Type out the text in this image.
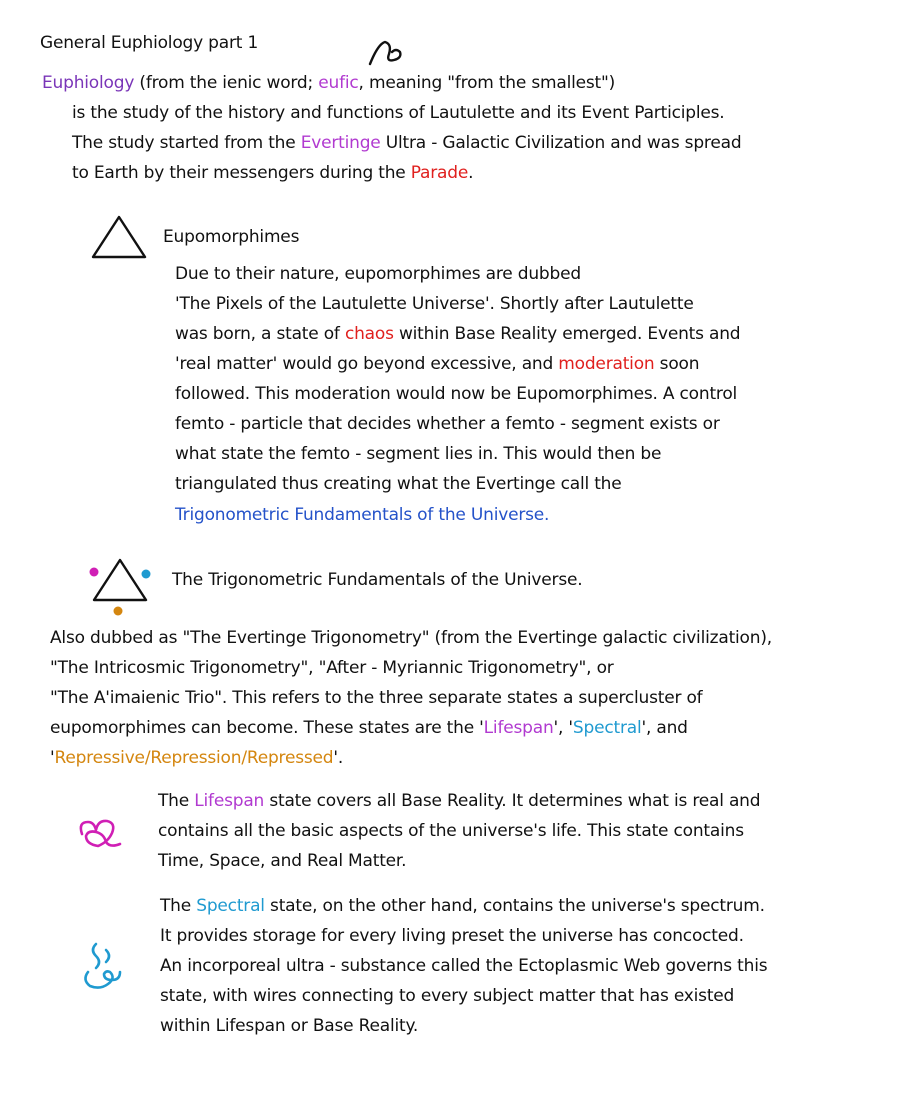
General Euphiology part 1
Euphiology (from the ienic word; eufic, meaning "from the smallest")
is the study of the history and functions of Lautulette and its Event Participles.
The study started from the Evertinge Ultra - Galactic Civilization and was spread
to Earth by their messengers during the Parade.
Eupomorphimes
Due to their nature, eupomorphimes are dubbed
'The Pixels of the Lautulette Universe'. Shortly after Lautulette
was born, a state of chaos within Base Reality emerged. Events and
'real matter' would go beyond excessive, and moderation soon
followed. This moderation would now be Eupomorphimes. A control
femto - particle that decides whether a femto - segment exists or
what state the femto - segment lies in. This would then be
triangulated thus creating what the Evertinge call the
Trigonometric Fundamentals of the Universe.
The Trigonometric Fundamentals of the Universe.
Also dubbed as "The Evertinge Trigonometry" (from the Evertinge galactic civilization),
"The Intricosmic Trigonometry", "After - Myriannic Trigonometry", or
"The A'imaienic Trio". This refers to the three separate states a supercluster of
eupomorphimes can become. These states are the 'Lifespan', 'Spectral', and
'Repressive/Repression/Repressed'.
The Lifespan state covers all Base Reality. It determines what is real and
contains all the basic aspects of the universe's life. This state contains
Time, Space, and Real Matter.
The Spectral state, on the other hand, contains the universe's spectrum.
It provides storage for every living preset the universe has concocted.
An incorporeal ultra - substance called the Ectoplasmic Web governs this
state, with wires connecting to every subject matter that has existed
within Lifespan or Base Reality.
